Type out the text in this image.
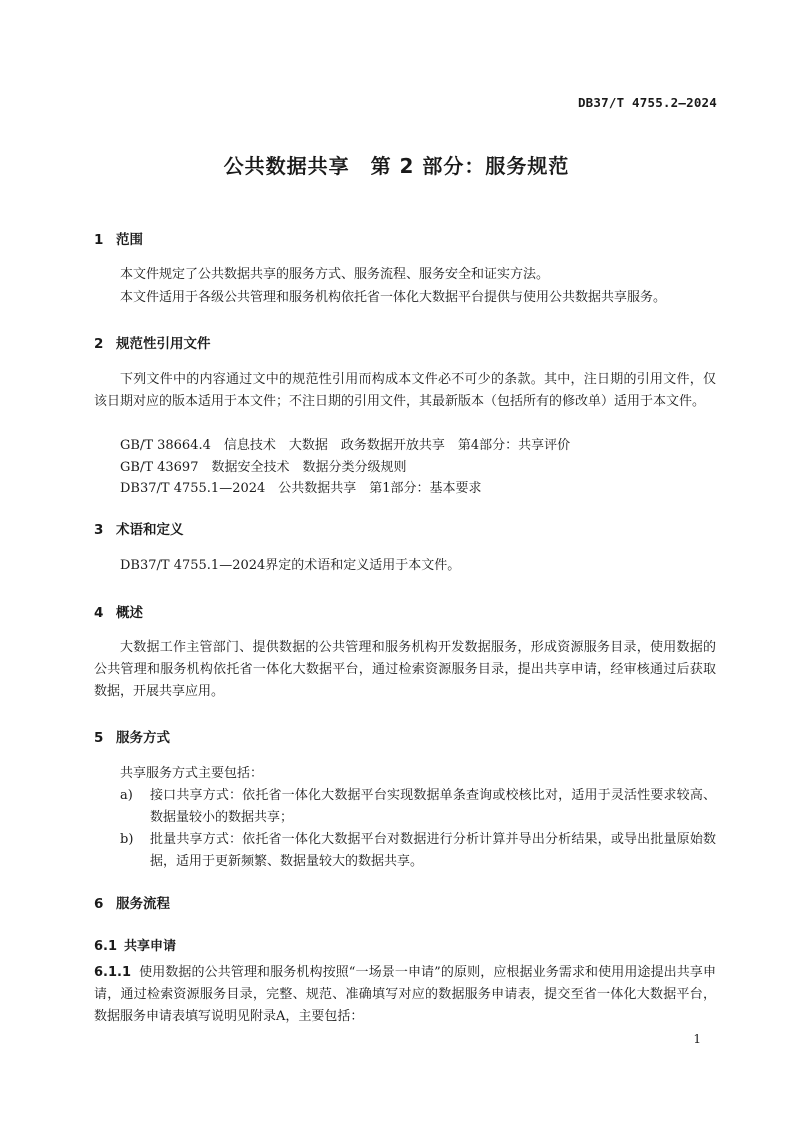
DB37/T 4755.2—2024
公共数据共享　第 2 部分：服务规范
1 范围
本文件规定了公共数据共享的服务方式、服务流程、服务安全和证实方法。
本文件适用于各级公共管理和服务机构依托省一体化大数据平台提供与使用公共数据共享服务。
2 规范性引用文件
下列文件中的内容通过文中的规范性引用而构成本文件必不可少的条款。其中，注日期的引用文件，仅该日期对应的版本适用于本文件；不注日期的引用文件，其最新版本（包括所有的修改单）适用于本文件。
GB/T 38664.4　信息技术　大数据　政务数据开放共享　第4部分：共享评价
GB/T 43697　数据安全技术　数据分类分级规则
DB37/T 4755.1—2024　公共数据共享　第1部分：基本要求
3 术语和定义
DB37/T 4755.1—2024界定的术语和定义适用于本文件。
4 概述
大数据工作主管部门、提供数据的公共管理和服务机构开发数据服务，形成资源服务目录，使用数据的公共管理和服务机构依托省一体化大数据平台，通过检索资源服务目录，提出共享申请，经审核通过后获取数据，开展共享应用。
5 服务方式
共享服务方式主要包括：
a) 接口共享方式：依托省一体化大数据平台实现数据单条查询或校核比对，适用于灵活性要求较高、数据量较小的数据共享；
b) 批量共享方式：依托省一体化大数据平台对数据进行分析计算并导出分析结果，或导出批量原始数据，适用于更新频繁、数据量较大的数据共享。
6 服务流程
6.1 共享申请
6.1.1 使用数据的公共管理和服务机构按照“一场景一申请”的原则，应根据业务需求和使用用途提出共享申请，通过检索资源服务目录，完整、规范、准确填写对应的数据服务申请表，提交至省一体化大数据平台，数据服务申请表填写说明见附录A，主要包括：
1
